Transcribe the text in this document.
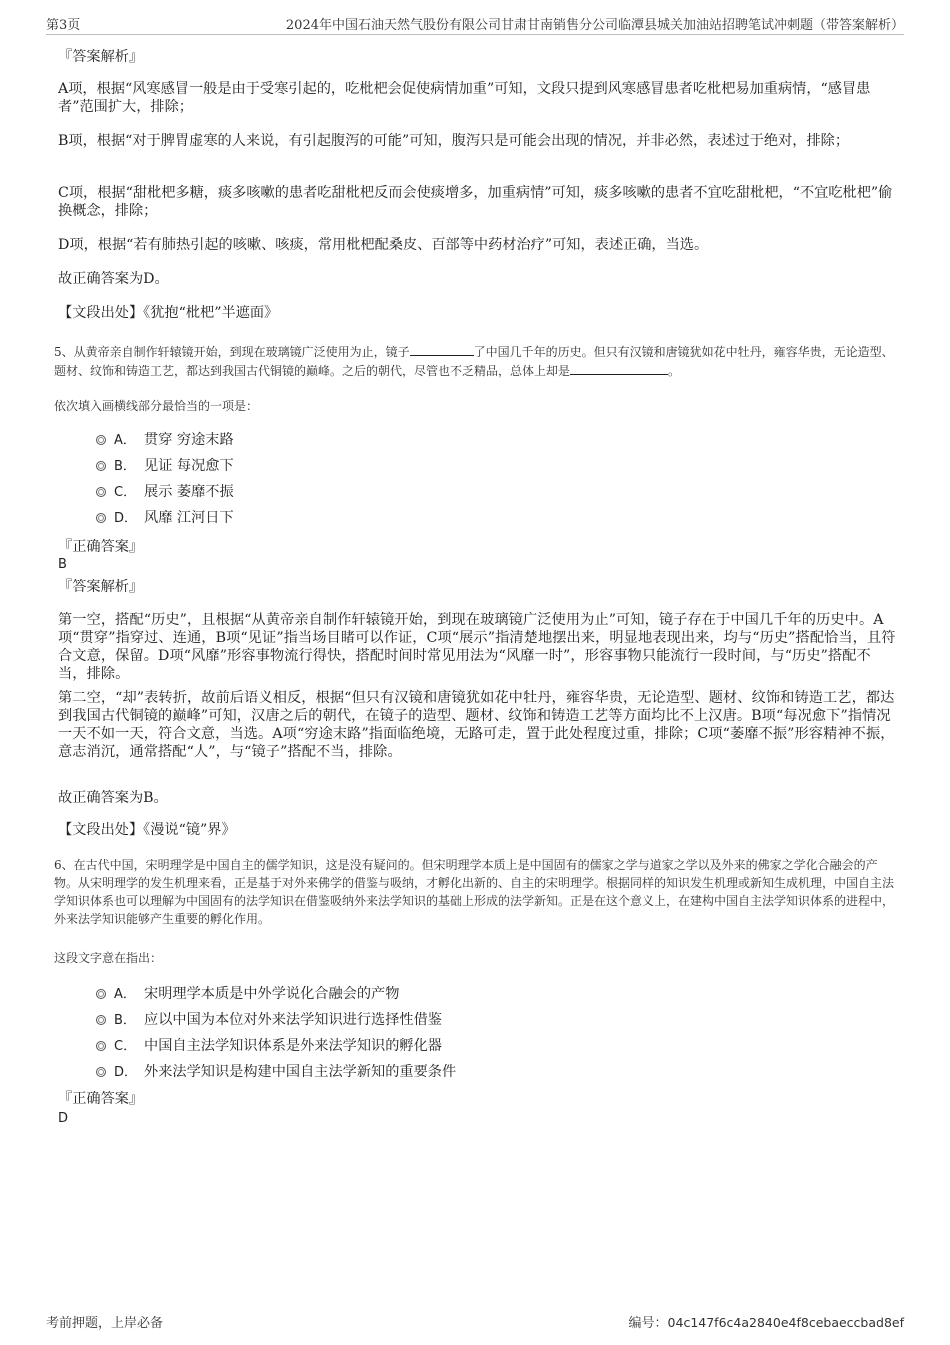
第3页	2024年中国石油天然气股份有限公司甘肃甘南销售分公司临潭县城关加油站招聘笔试冲刺题（带答案解析）
『答案解析』
A项，根据“风寒感冒一般是由于受寒引起的，吃枇杷会促使病情加重”可知，文段只提到风寒感冒患者吃枇杷易加重病情，“感冒患者”范围扩大，排除；
B项，根据“对于脾胃虚寒的人来说，有引起腹泻的可能”可知，腹泻只是可能会出现的情况，并非必然，表述过于绝对，排除；
C项，根据“甜枇杷多糖，痰多咳嗽的患者吃甜枇杷反而会使痰增多，加重病情”可知，痰多咳嗽的患者不宜吃甜枇杷，“不宜吃枇杷”偷换概念，排除；
D项，根据“若有肺热引起的咳嗽、咳痰，常用枇杷配桑皮、百部等中药材治疗”可知，表述正确，当选。
故正确答案为D。
【文段出处】《犹抱“枇杷”半遮面》
5、从黄帝亲自制作轩辕镜开始，到现在玻璃镜广泛使用为止，镜子	了中国几千年的历史。但只有汉镜和唐镜犹如花中牡丹，雍容华贵，无论造型、题材、纹饰和铸造工艺，都达到我国古代铜镜的巅峰。之后的朝代，尽管也不乏精品，总体上却是	。
依次填入画横线部分最恰当的一项是：
A． 贯穿 穷途末路
B． 见证 每况愈下
C． 展示 萎靡不振
D． 风靡 江河日下
『正确答案』
B
『答案解析』
第一空，搭配“历史”，且根据“从黄帝亲自制作轩辕镜开始，到现在玻璃镜广泛使用为止”可知，镜子存在于中国几千年的历史中。A项“贯穿”指穿过、连通，B项“见证”指当场目睹可以作证，C项“展示”指清楚地摆出来，明显地表现出来，均与“历史”搭配恰当，且符合文意，保留。D项“风靡”形容事物流行得快，搭配时间时常见用法为“风靡一时”，形容事物只能流行一段时间，与“历史”搭配不当，排除。
第二空，“却”表转折，故前后语义相反，根据“但只有汉镜和唐镜犹如花中牡丹，雍容华贵，无论造型、题材、纹饰和铸造工艺，都达到我国古代铜镜的巅峰”可知，汉唐之后的朝代，在镜子的造型、题材、纹饰和铸造工艺等方面均比不上汉唐。B项“每况愈下”指情况一天不如一天，符合文意，当选。A项“穷途末路”指面临绝境，无路可走，置于此处程度过重，排除；C项“萎靡不振”形容精神不振，意志消沉，通常搭配“人”，与“镜子”搭配不当，排除。
故正确答案为B。
【文段出处】《漫说“镜”界》
6、在古代中国，宋明理学是中国自主的儒学知识，这是没有疑问的。但宋明理学本质上是中国固有的儒家之学与道家之学以及外来的佛家之学化合融会的产物。从宋明理学的发生机理来看，正是基于对外来佛学的借鉴与吸纳，才孵化出新的、自主的宋明理学。根据同样的知识发生机理或新知生成机理，中国自主法学知识体系也可以理解为中国固有的法学知识在借鉴吸纳外来法学知识的基础上形成的法学新知。正是在这个意义上，在建构中国自主法学知识体系的进程中，外来法学知识能够产生重要的孵化作用。
这段文字意在指出：
A． 宋明理学本质是中外学说化合融会的产物
B． 应以中国为本位对外来法学知识进行选择性借鉴
C． 中国自主法学知识体系是外来法学知识的孵化器
D． 外来法学知识是构建中国自主法学新知的重要条件
『正确答案』
D
考前押题，上岸必备	编号：04c147f6c4a2840e4f8cebaeccbad8ef
